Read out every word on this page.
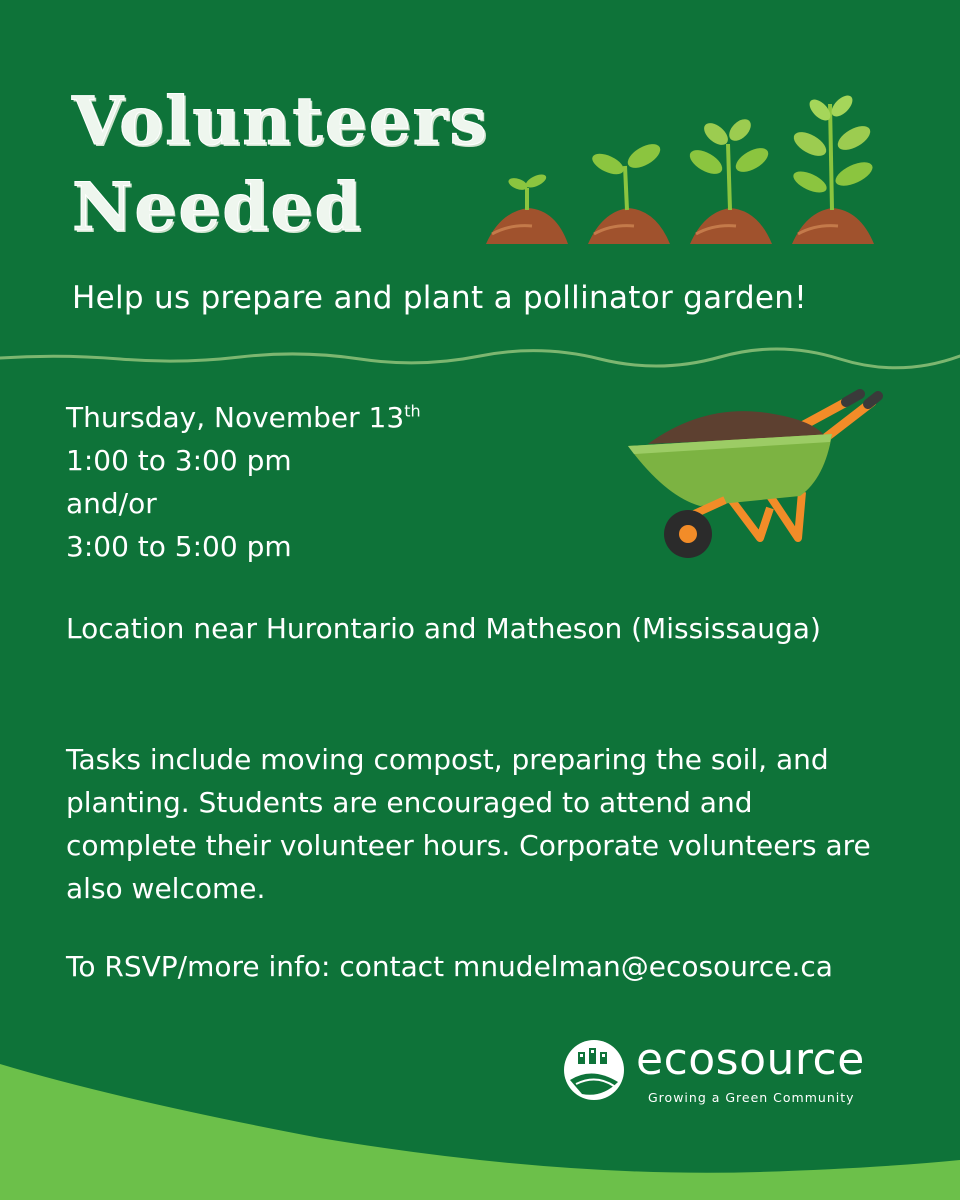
Volunteers
Needed
Help us prepare and plant a pollinator garden!
Thursday, November 13th
1:00 to 3:00 pm
and/or
3:00 to 5:00 pm
Location near Hurontario and Matheson (Mississauga)

Tasks include moving compost, preparing the soil, and planting. Students are encouraged to attend and complete their volunteer hours. Corporate volunteers are also welcome.

To RSVP/more info: contact mnudelman@ecosource.ca
ecosource
Growing a Green Community
